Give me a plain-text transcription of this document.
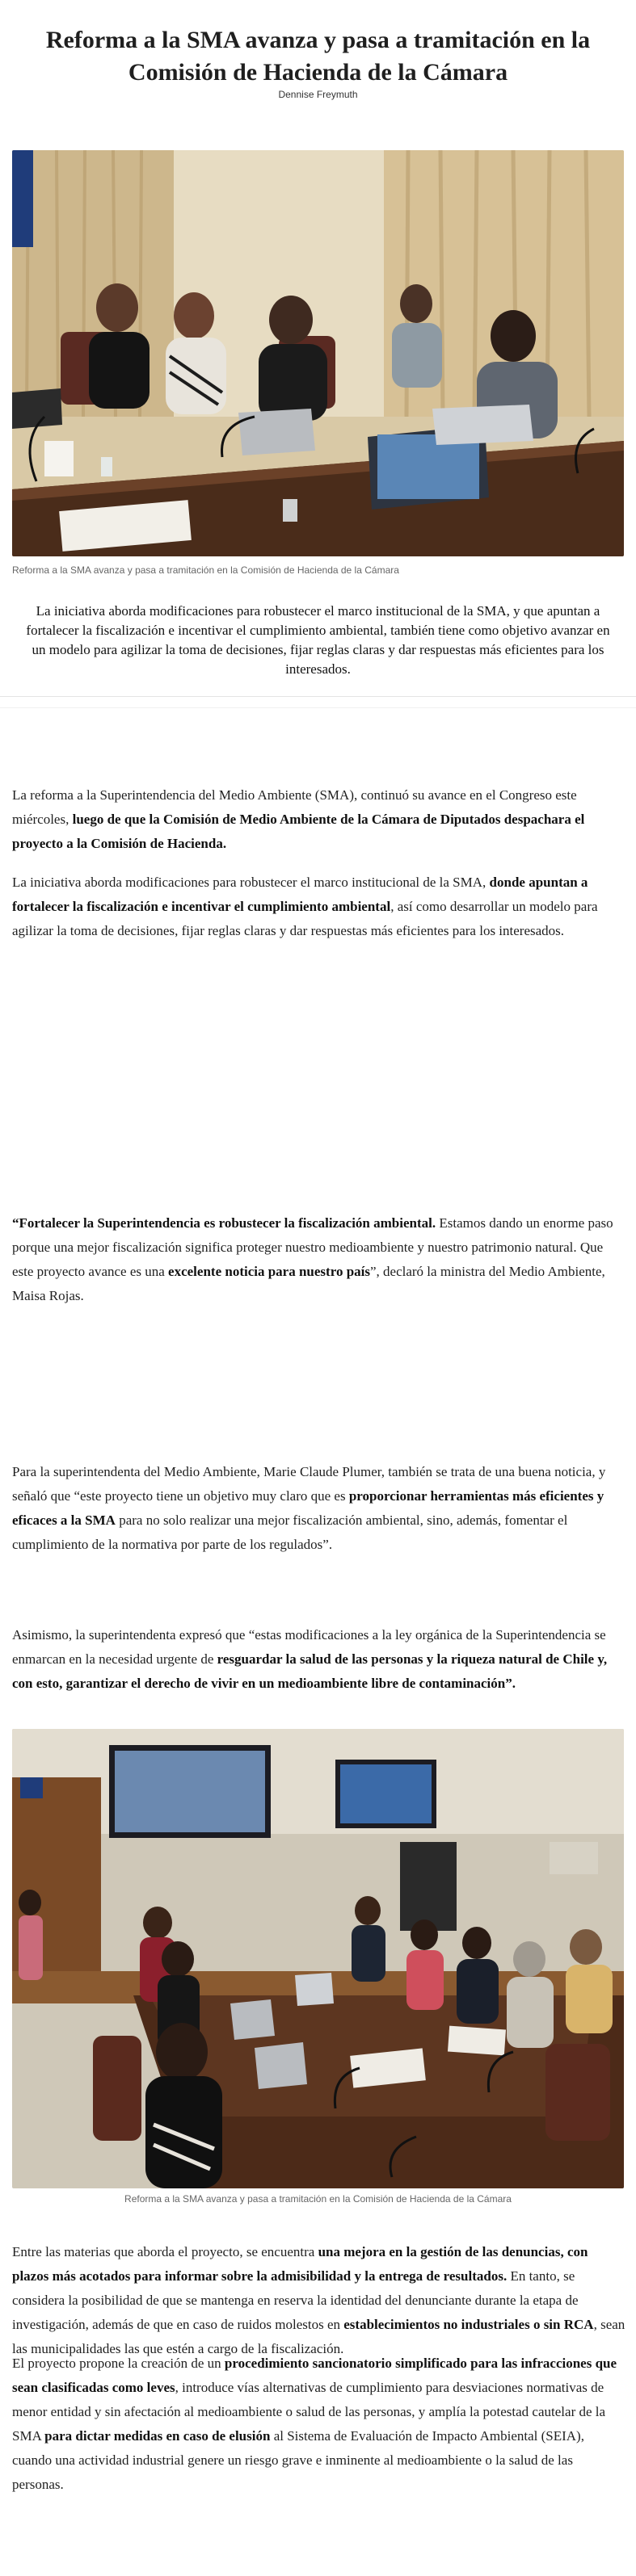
Reforma a la SMA avanza y pasa a tramitación en la Comisión de Hacienda de la Cámara
Dennise Freymuth
Reforma a la SMA avanza y pasa a tramitación en la Comisión de Hacienda de la Cámara

La iniciativa aborda modificaciones para robustecer el marco institucional de la SMA, y que apuntan a fortalecer la fiscalización e incentivar el cumplimiento ambiental, también tiene como objetivo avanzar en un modelo para agilizar la toma de decisiones, fijar reglas claras y dar respuestas más eficientes para los interesados.

La reforma a la Superintendencia del Medio Ambiente (SMA), continuó su avance en el Congreso este miércoles, luego de que la Comisión de Medio Ambiente de la Cámara de Diputados despachara el proyecto a la Comisión de Hacienda.
La iniciativa aborda modificaciones para robustecer el marco institucional de la SMA, donde apuntan a fortalecer la fiscalización e incentivar el cumplimiento ambiental, así como desarrollar un modelo para agilizar la toma de decisiones, fijar reglas claras y dar respuestas más eficientes para los interesados.
“Fortalecer la Superintendencia es robustecer la fiscalización ambiental. Estamos dando un enorme paso porque una mejor fiscalización significa proteger nuestro medioambiente y nuestro patrimonio natural. Que este proyecto avance es una excelente noticia para nuestro país”, declaró la ministra del Medio Ambiente, Maisa Rojas.
Para la superintendenta del Medio Ambiente, Marie Claude Plumer, también se trata de una buena noticia, y señaló que “este proyecto tiene un objetivo muy claro que es proporcionar herramientas más eficientes y eficaces a la SMA para no solo realizar una mejor fiscalización ambiental, sino, además, fomentar el cumplimiento de la normativa por parte de los regulados”.
Asimismo, la superintendenta expresó que “estas modificaciones a la ley orgánica de la Superintendencia se enmarcan en la necesidad urgente de resguardar la salud de las personas y la riqueza natural de Chile y, con esto, garantizar el derecho de vivir en un medioambiente libre de contaminación”.
Reforma a la SMA avanza y pasa a tramitación en la Comisión de Hacienda de la Cámara
Entre las materias que aborda el proyecto, se encuentra una mejora en la gestión de las denuncias, con plazos más acotados para informar sobre la admisibilidad y la entrega de resultados. En tanto, se considera la posibilidad de que se mantenga en reserva la identidad del denunciante durante la etapa de investigación, además de que en caso de ruidos molestos en establecimientos no industriales o sin RCA, sean las municipalidades las que estén a cargo de la fiscalización.
El proyecto propone la creación de un procedimiento sancionatorio simplificado para las infracciones que sean clasificadas como leves, introduce vías alternativas de cumplimiento para desviaciones normativas de menor entidad y sin afectación al medioambiente o salud de las personas, y amplía la potestad cautelar de la SMA para dictar medidas en caso de elusión al Sistema de Evaluación de Impacto Ambiental (SEIA), cuando una actividad industrial genere un riesgo grave e inminente al medioambiente o la salud de las personas.
